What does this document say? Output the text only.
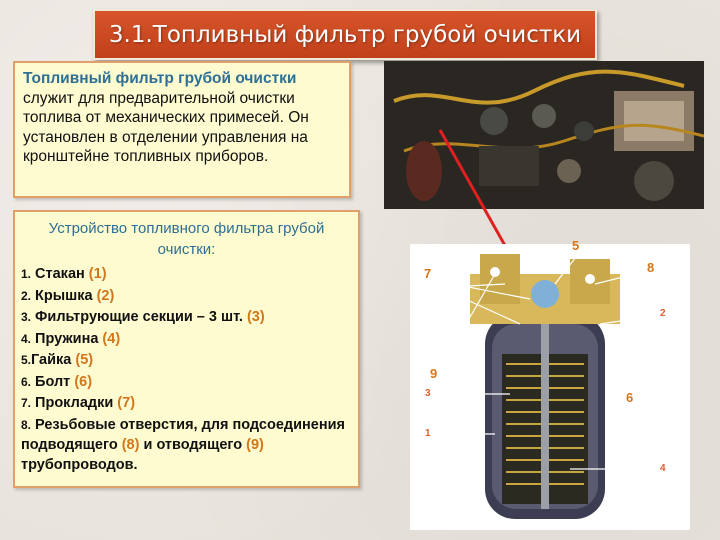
3.1.Топливный фильтр грубой очистки

Топливный фильтр грубой очистки служит для предварительной очистки топлива от механических примесей. Он установлен в отделении управления на кронштейне топливных приборов.

Устройство топливного фильтра грубой очистки:
1. Стакан (1)
2. Крышка (2)
3. Фильтрующие секции – 3 шт. (3)
4. Пружина (4)
5.Гайка (5)
6. Болт (6)
7. Прокладки (7)
8. Резьбовые отверстия, для подсоединения подводящего (8) и отводящего (9) трубопроводов.
5
7	8
9
6
2
3
1
4
